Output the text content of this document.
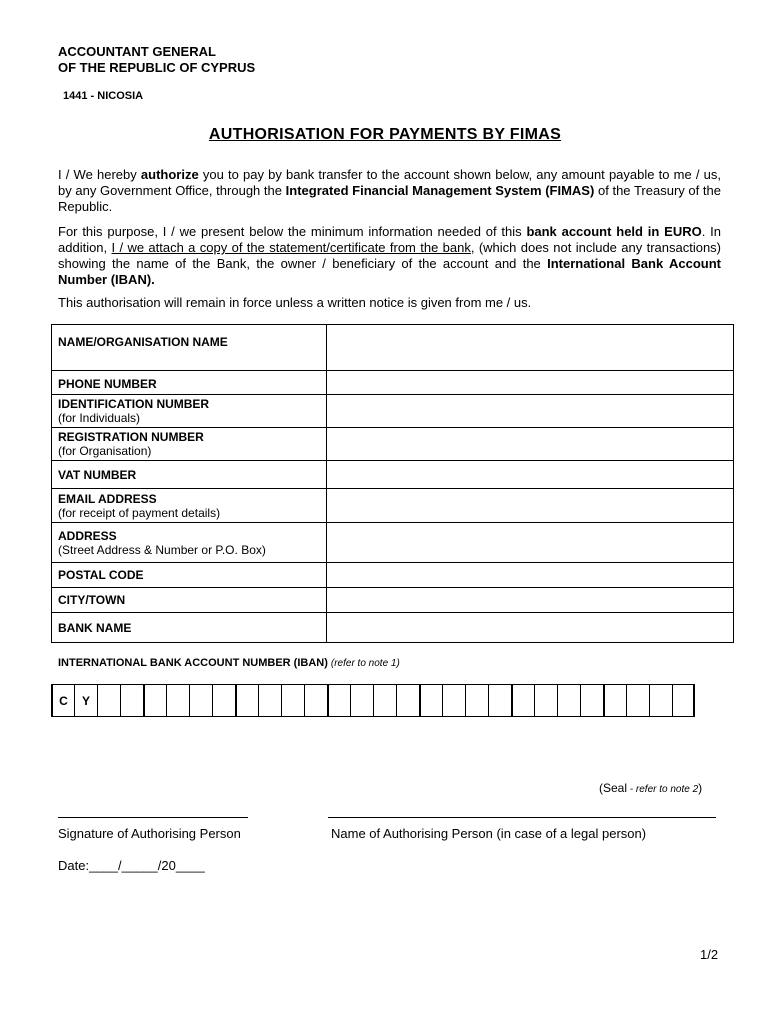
ACCOUNTANT GENERAL
OF THE REPUBLIC OF CYPRUS
1441 - NICOSIA
AUTHORISATION FOR PAYMENTS BY FIMAS
I / We hereby authorize you to pay by bank transfer to the account shown below, any amount payable to me / us, by any Government Office, through the Integrated Financial Management System (FIMAS) of the Treasury of the Republic.
For this purpose, I / we present below the minimum information needed of this bank account held in EURO. In addition, I / we attach a copy of the statement/certificate from the bank, (which does not include any transactions) showing the name of the Bank, the owner / beneficiary of the account and the International Bank Account Number (IBAN).
This authorisation will remain in force unless a written notice is given from me / us.
NAME/ORGANISATION NAME	
PHONE NUMBER	

IDENTIFICATION NUMBER
(for Individuals)	

REGISTRATION NUMBER
(for Organisation)	

VAT NUMBER	

EMAIL ADDRESS
(for receipt of payment details)	

ADDRESS
(Street Address & Number or P.O. Box)	

POSTAL CODE	
CITY/TOWN	
BANK NAME	
INTERNATIONAL BANK ACCOUNT NUMBER (IBAN) (refer to note 1)
C	Y
(Seal - refer to note 2)
Signature of Authorising Person	Name of Authorising Person (in case of a legal person)
Date:____/_____/20____
1/2
